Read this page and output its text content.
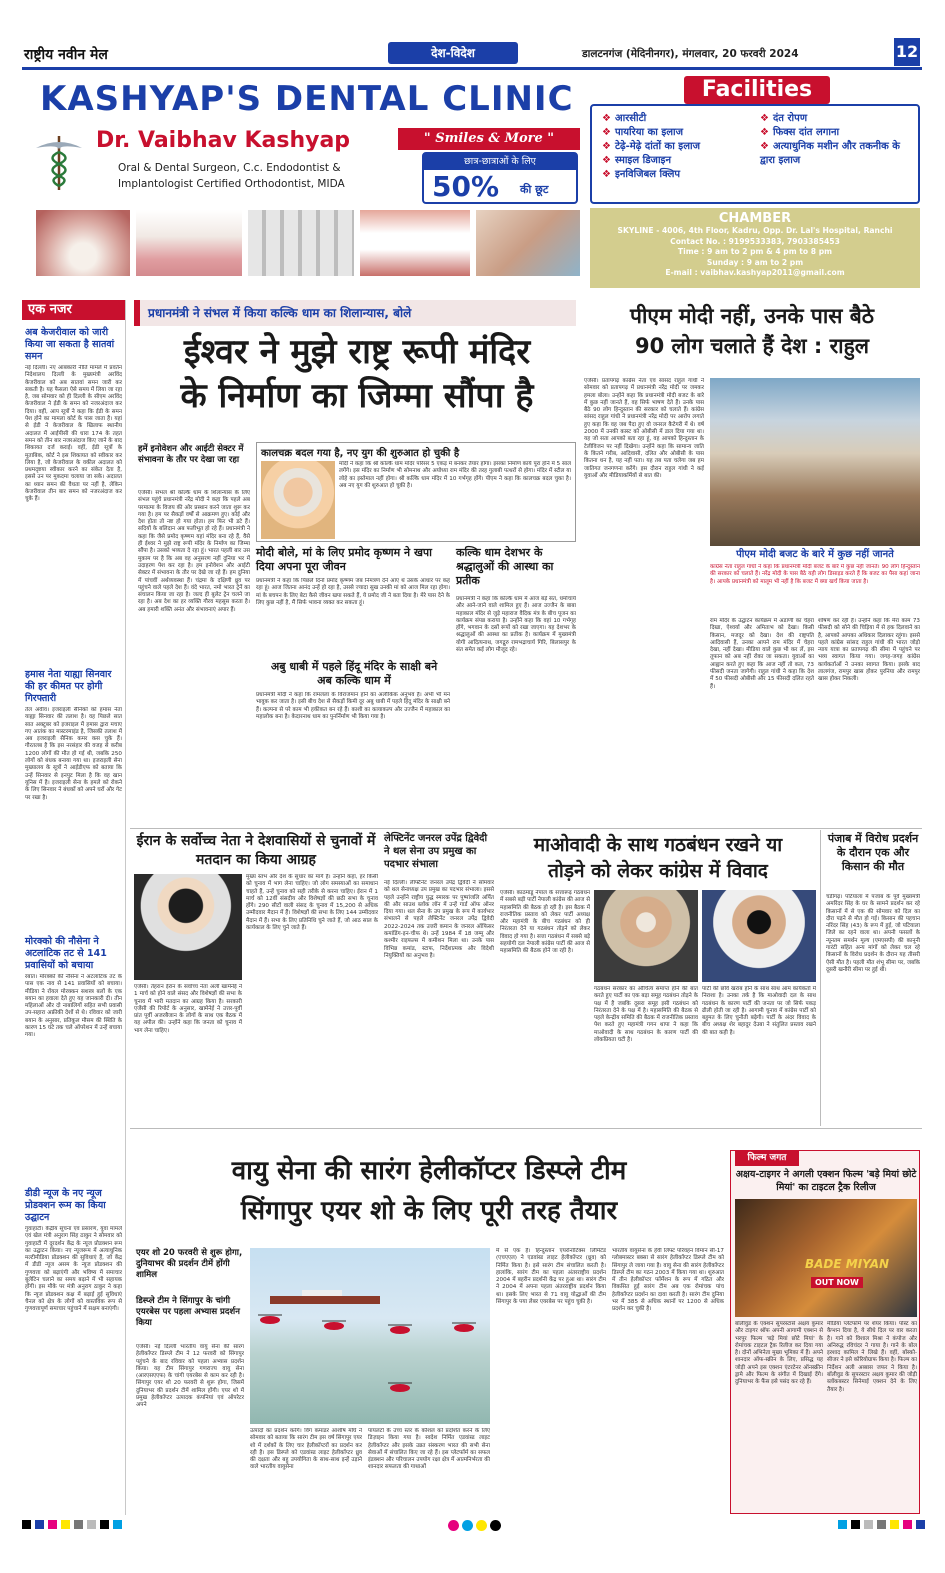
राष्ट्रीय नवीन मेल	देश-विदेश	डालटनगंज (मेदिनीनगर), मंगलवार, 20 फरवरी 2024	12
KASHYAP'S DENTAL CLINIC
Dr. Vaibhav Kashyap	" Smiles & More "
Oral & Dental Surgeon, C.c. Endodontist &
Implantologist Certified Orthodontist, MIDA
छात्र-छात्राओं के लिए
50% की छूट
Facilities
❖ आरसीटी
❖ पायरिया का इलाज
❖ टेढ़े-मेढ़े दांतों का इलाज
❖ स्माइल डिजाइन
❖ इनविजिबल क्लिप
❖ दंत रोपण
❖ फिक्स दांत लगाना
❖ अत्याधुनिक मशीन और तकनीक के द्वारा इलाज
CHAMBER
SKYLINE - 4006, 4th Floor, Kadru, Opp. Dr. Lal's Hospital, Ranchi
Contact No. : 9199533383, 7903385453
Time : 9 am to 2 pm & 4 pm to 8 pm
Sunday : 9 am to 2 pm
E-mail : vaibhav.kashyap2011@gmail.com
एक नजर
अब केजरीवाल को जारी किया जा सकता है सातवां समन
नई दिल्ली। नए आबकारी नीति मामले में प्रवर्तन निदेशालय दिल्ली के मुख्यमंत्री अरविंद केजरीवाल को अब सातवां समन जारी कर सकती है। यह फैसला ऐसे समय में लिया जा रहा है, जब सोमवार को ही दिल्ली के सीएम अरविंद केजरीवाल ने ईडी के समन को नजरअंदाज कर दिया। वहीं, आप सूत्रों ने कहा कि ईडी के समन पेश होने का मामला कोर्ट के पास जाता है। यहां से ईडी ने केजरीवाल के खिलाफ स्थानीय अदालत में आईपीसी की धारा 174 के तहत समन को तीन बार नजरअंदाज किए जाने के बाद शिकायत दर्ज कराई। वहीं, ईडी सूत्रों के मुताबिक, कोर्ट ने इस शिकायत को स्वीकार कर लिया है, जो केजरीवाल के वकील अदालत को प्रथमदृष्टया स्वीकार करने का संकेत देता है, इससे उन पर मुकदमा चलाया जा सके। अदालत का ध्यान समन की वैधता पर नहीं है, लेकिन केजरीवाल तीन बार समन को नजरअंदाज कर चुके हैं।
हमास नेता याह्या सिनवार की हर कीमत पर होगी गिरफ्तारी
तेल अवीव। इजराइली सैनिकों को हमास नेता याह्या सिनवार की तलाश है। वह पिछले सात सात अक्टूबर को इजराइल में हमास द्वारा मचाए गए आतंक का मास्टरमाइंड है, जिसकी तलाश में अब इजराइली सैनिक कमर कस चुके हैं। गौरतलब है कि इस नरसंहार की वजह से करीब 1200 लोगों की मौत हो गई थी, जबकि 250 लोगों को बंधक बनाया गया था। इजराइली सेना मुख्यालय के सूत्रों ने आईडीएफ को बताया कि उन्हें सिनवार से इनपुट मिला है कि वह खान यूनिस में है। इजराइली सेना के हमले को रोकने के लिए सिनवार ने बंधकों को अपने घरों और गेट पर रखा है।
मोरक्को की नौसेना ने अटलांटिक तट से 141 प्रवासियों को बचाया
रबात। मोरक्को की नौसेना ने अटलांटिक तट के पास एक नाव से 141 प्रवासियों को बचाया। मीडिया ने रॉयल मोरक्कन सशस्त्र बलों के एक बयान का हवाला देते हुए यह जानकारी दी। तीन महिलाओं और दो नाबालिगों सहित सभी प्रवासी उप-सहारा अफ्रीकी देशों से थे। रविवार को जारी बयान के अनुसार, प्रतिकूल मौसम की स्थिति के कारण 15 घंटे तक चले ऑपरेशन में उन्हें बचाया गया।
डीडी न्यूज के नए न्यूज प्रोडक्शन रूम का किया उद्घाटन
गुवाहाटी। केंद्रीय सूचना एवं प्रसारण, युवा मामले एवं खेल मंत्री अनुराग सिंह ठाकुर ने सोमवार को गुवाहाटी में दूरदर्शन केंद्र के न्यूज प्रोडक्शन रूम का उद्घाटन किया। नए न्यूजरूम में अत्याधुनिक मल्टीमीडिया प्रोडक्शन की सुविधाएं हैं, जो केंद्र में डीडी न्यूज असम के न्यूज प्रोडक्शन की गुणवत्ता को बढ़ाएंगी और भविष्य में समाचार बुलेटिन चलाने का समय बढ़ाने में भी सहायक होंगी। इस मौके पर मंत्री अनुराग ठाकुर ने कहा कि न्यूज प्रोडक्शन कक्ष में बढ़ाई हुई सुविधाएं चैनल को क्षेत्र के लोगों को वास्तविक रूप से गुणवत्तापूर्ण समाचार पहुंचाने में सक्षम बनाएंगी।
प्रधानमंत्री ने संभल में किया कल्कि धाम का शिलान्यास, बोले
ईश्वर ने मुझे राष्ट्र रूपी मंदिर
के निर्माण का जिम्मा सौंपा है
हमें इनोवेशन और आईटी सेक्टर में संभावना के तौर पर देखा जा रहा
एजेंसी। संभल श्री कल्कि धाम के शिलान्यास के लिए संभल पहुंचे प्रधानमंत्री नरेंद्र मोदी ने कहा कि पहले अब परमात्मा के विजय की ओर प्रस्थान करने जाता शुरू कर गया है। हम पर सैकड़ों वर्षों से आक्रमण हुए। कोई और देश होता तो नष्ट हो गया होता। हम फिर भी डटे हैं। सदियों के बलिदान अब फलीभूत हो रहे हैं। प्रधानमंत्री ने कहा कि जैसे प्रमोद कृष्णम यहां मंदिर बना रहे हैं, वैसे ही ईश्वर ने मुझे राष्ट्र रूपी मंदिर के निर्माण का जिम्मा सौंपा है। उसको भव्यता दे रहा हूं। भारत पहली बार उस मुकाम पर है कि अब वह अनुसरण नहीं दुनिया भर में उदाहरण पेश कर रहा है। हम इनोवेशन और आईटी सेक्टर में संभावना के तौर पर देखे जा रहे हैं। हम दुनिया में पांचवीं अर्थव्यवस्था हैं। चंद्रमा के दक्षिणी ध्रुव पर पहुंचने वाले पहले देश हैं। वंदे भारत, नमो भारत ट्रेनें का संचालन किया जा रहा है। जल्द ही बुलेट ट्रेन चलने जा रहा है। अब देश का हर व्यक्ति गौरव महसूस करता है। अब हमारी शक्ति अनंत और संभावनाएं अपार हैं।
कालचक्र बदल गया है, नए युग की शुरुआत हो चुकी है
मोदी ने कहा कि श्री कल्कि धाम मंदिर परिसर 5 एकड़ में बनकर तैयार होगा। इसका निर्माण कार्य पूरा होने में 5 साल लगेंगे। इस मंदिर का निर्माण भी सोमनाथ और अयोध्या राम मंदिर की तरह गुलाबी पत्थरों से होगा। मंदिर में स्टील या लोहे का इस्तेमाल नहीं होगा। श्री कल्कि धाम मंदिर में 10 गर्भगृह होंगे। पीएम ने कहा कि कालचक्र बदल चुका है। अब नए युग की शुरुआत हो चुकी है।
मोदी बोले, मां के लिए प्रमोद कृष्णम ने खपा दिया अपना पूरा जीवन
प्रधानमंत्री ने कहा कि पिछले दिनों प्रमोद कृष्णम जब निमंत्रण देने आए थे उसके आधार पर कह रहा हूं। आज जितना आनंद उन्हें हो रहा है, उससे ज्यादा सुख उनकी मां को आज मिल रहा होगा। मां के बचपन के लिए बेटा कैसे जीवन खपा सकते हैं, ये प्रमोद जी ने बता दिया है। मेरे पास देने के लिए कुछ नहीं है, मैं सिर्फ भावना व्यक्त कर सकता हूं।
अबु धाबी में पहले हिंदू मंदिर के साक्षी बने अब कल्कि धाम में
प्रधानमंत्री मोदी ने कहा कि रामलला के विराजमान होने का अलौकिक अनुभव है। अभी भी मन भावुक कर जाता है। इसी बीच देश से सैकड़ों किमी दूर अबु धाबी में पहले हिंदू मंदिर के साक्षी बने हैं। कल्पना से परे काम भी हकीकत बन रहे हैं। काशी का कायाकल्प और उज्जैन में महाकाल का महालोक बना है। केदारनाथ धाम का पुनर्निर्माण भी किया गया है।
कल्कि धाम देशभर के श्रद्धालुओं की आस्था का प्रतीक
प्रधानमंत्री ने कहा कि कल्कि धाम में आज बड़ें संत, धर्माचार्य और आने-जाने वाले शामिल हुए हैं। आज उज्जैन के बाबा महाकाल मंदिर से जुड़े महाराज वैदिक मंत्र के बीच पूजन का कार्यक्रम संपन्न कराया है। उन्होंने कहा कि वहां 10 गर्भगृह होंगे, भगवान के दसों रूपों को रखा जाएगा। यह देशभर के श्रद्धालुओं की आस्था का प्रतीक है। कार्यक्रम में मुख्यमंत्री योगी आदित्यनाथ, जगद्गुरु रामभद्राचार्य गिरि, बिलासपुर के संत समेत कई लोग मौजूद रहे।
पीएम मोदी नहीं, उनके पास बैठे
90 लोग चलाते हैं देश : राहुल
एजेंसी। प्रतापगढ़ कांग्रेस नेता एवं सांसद राहुल गांधी ने सोमवार को प्रतापगढ़ में प्रधानमंत्री नरेंद्र मोदी पर जमकर हमला बोला। उन्होंने कहा कि प्रधानमंत्री मोदी बजट के बारे में कुछ नहीं जानते हैं, वह सिर्फ भाषण देते हैं। उनके पास बैठे 90 लोग हिन्दुस्तान की सरकार को चलाते हैं। कांग्रेस सांसद राहुल गांधी ने प्रधानमंत्री नरेंद्र मोदी पर आरोप लगाते हुए कहा कि वह जब पैदा हुए वो जनरल कैटेगरी में थे। वर्ष 2000 में उनकी कास्ट को ओबीसी में डाल दिया गया था। यह जो सता आपको बता रहा हूं, वह आपको हिन्दुस्तान के टेलीविजन पर नहीं दिखेगा। उन्होंने कहा कि सामान्य जाति के कितने गरीब, आदिवासी, दलित और ओबीसी के पास कितना धन है, यह नहीं पता। यह तब पता चलेगा जब हम जातिगत जनगणना करेंगे। इस दौरान राहुल गांधी ने कई युवाओं और मीडियाकर्मियों से बात की।
पीएम मोदी बजट के बारे में कुछ नहीं जानते
कांग्रेस नेता राहुल गांधी ने कहा कि प्रधानमंत्री मोदी बजट के बारे में कुछ नहीं जानते। 90 लोग हिन्दुस्तान की सरकार को चलाते हैं। नरेंद्र मोदी के पास बैठे यही लोग डिसाइड करते हैं कि बजट का पैसा कहां जाना है। आपके प्रधानमंत्री को मालूम भी नहीं है कि बजट में क्या खर्च किया जाता है।
राम मंदिर के उद्घाटन कार्यक्रम में अडाणी का चेहरा दिखा, ऐश्वर्या और अमिताभ को देखा। किसी किसान, मजदूर को देखा। देश की राष्ट्रपति आदिवासी हैं, उनका आपने राम मंदिर में चेहरा देखा, नहीं देखा। मीडिया वाले कुछ भी कर लें, इस तूफान को अब नहीं रोका जा सकता। युवाओं का आह्वान करते हुए कहा कि आज नहीं तो कल, 73 फीसदी जनता जागेगी। राहुल गांधी ने कहा कि देश में 50 फीसदी ओबीसी और 15 फीसदी दलित रहते हैं।
शोषण कर रही हैं। उन्होंने कहा कि मेरा काम 73 फीसदी को सोने की चिड़िया में से हक दिलवाने का है, आपको आपका अधिकार दिलाकर रहूंगा। इससे पहले कांग्रेस सांसद राहुल गांधी की भारत जोड़ो न्याय यात्रा का प्रतापगढ़ की सीमा में पहुंचने पर भव्य स्वागत किया गया। जगह-जगह कांग्रेस कार्यकर्ताओं ने उनका स्वागत किया। इसके बाद लालगंज, रामपुर खास होकर पुरनिया और रामपुर खास होकर निकली।
ईरान के सर्वोच्च नेता ने देशवासियों से चुनावों में मतदान का किया आग्रह
एजेंसी। तेहरान ईरान के सर्वोच्च नेता अली खामेनेई ने 1 मार्च को होने वाले संसद और विशेषज्ञों की सभा के चुनाव में भारी मतदान का आग्रह किया है। सरकारी एजेंसी की रिपोर्ट के अनुसार, खामेनेई ने उत्तर-पूर्वी प्रांत पूर्वी अजरबैजान के लोगों के साथ एक बैठक में यह अपील की। उन्होंने कहा कि जनता को चुनाव में भाग लेना चाहिए।
मुख्य स्तंभ और देश के सुधार का मार्ग है। उन्होंने कहा, हर किसी को चुनाव में भाग लेना चाहिए। जो लोग समस्याओं का समाधान चाहते हैं, उन्हें चुनाव को सही तरीके से करना चाहिए। ईरान में 1 मार्च को 12वीं संसदीय और विशेषज्ञों की छठी सभा के चुनाव होंगे। 290 सीटों वाली संसद के चुनाव में 15,200 से अधिक उम्मीदवार मैदान में हैं। विशेषज्ञों की सभा के लिए 144 उम्मीदवार मैदान में हैं। सभा के लिए प्रतिनिधि चुने जाते हैं, जो आठ साल के कार्यकाल के लिए चुने जाते हैं।
लेफ्टिनेंट जनरल उपेंद्र द्विवेदी ने थल सेना उप प्रमुख का पदभार संभाला
नई दिल्ली। लेफ्टिनेंट जनरल उपेंद्र द्विवेदी ने सोमवार को थल सेनाध्यक्ष उप प्रमुख का पदभार संभाला। इससे पहले उन्होंने राष्ट्रीय युद्ध स्मारक पर पुष्पांजलि अर्पित की और साउथ ब्लॉक लॉन में उन्हें गार्ड ऑफ ऑनर दिया गया। थल सेना के उप प्रमुख के रूप में कार्यभार संभालने से पहले लेफ्टिनेंट जनरल उपेंद्र द्विवेदी 2022-2024 तक उत्तरी कमान के जनरल ऑफिसर कमांडिंग-इन-चीफ थे। उन्हें 1984 में 18 जम्मू और कश्मीर राइफल्स में कमीशन मिला था। उनके पास विभिन्न कमांड, स्टाफ, निर्देशात्मक और विदेशी नियुक्तियों का अनुभव है।
माओवादी के साथ गठबंधन रखने या
तोड़ने को लेकर कांग्रेस में विवाद
एजेंसी। काठमांडू नेपाल के सत्तारूढ़ गठबंधन में सबसे बड़ी पार्टी नेपाली कांग्रेस की आज से महासमिति की बैठक हो रही है। इस बैठक में राजनीतिक प्रस्ताव को लेकर पार्टी अध्यक्ष और महामंत्री के बीच गठबंधन को ही निरंतरता देने या गठबंधन तोड़ने को लेकर विवाद हो गया है। सत्ता गठबंधन में सबसे बड़े सहयोगी दल नेपाली कांग्रेस पार्टी की आज से महासमिति की बैठक होने जा रही है।
गठबंधन सरकार का औचित्य समाप्त होने की बात करते हुए पार्टी का एक बड़ा समूह गठबंधन तोड़ने के पक्ष में है जबकि दूसरा समूह इसी गठबंधन को निरंतरता देने के पक्ष में है। महासमिति की बैठक से पहले केन्द्रीय समिति की बैठक में राजनीतिक प्रस्ताव पेश करते हुए महामंत्री गगन थापा ने कहा कि माओवादी के साथ गठबंधन के कारण पार्टी की लोकप्रियता घटी है।
पार्टी की छवि खराब होने के साथ साथ आम कार्यकर्ता में निराशा है। उनका तर्क है कि माओवादी दल के साथ गठबंधन के कारण पार्टी की जनता पर जो सिर्फ पकड़ ढीली होती जा रही है। आगामी चुनाव में कांग्रेस पार्टी को बहुमत के लिए चुनौती बढ़ेगी। पार्टी के अंदर विवाद के बीच अध्यक्ष शेर बहादुर देउबा ने संतुलित प्रस्ताव रखने की बात कही है।
पंजाब में विरोध प्रदर्शन के दौरान एक और किसान की मौत
चंडीगढ़। पटियाला में पंजाब के पूर्व मुख्यमंत्री अमरिंदर सिंह के घर के सामने प्रदर्शन कर रहे किसानों में से एक की सोमवार को दिल का दौरा पड़ने से मौत हो गई। किसान की पहचान नरिंदर सिंह (43) के रूप में हुई, जो पटियाला जिले का रहने वाला था। अपनी फसलों के न्यूनतम समर्थन मूल्य (एमएसपी) की कानूनी गारंटी सहित अन्य मांगों को लेकर चल रहे किसानों के विरोध प्रदर्शन के दौरान यह तीसरी ऐसी मौत है। पहली मौत शंभू सीमा पर, जबकि दूसरी खनौरी सीमा पर हुई थी।
वायु सेना की सारंग हेलीकॉप्टर डिस्प्ले टीम
सिंगापुर एयर शो के लिए पूरी तरह तैयार
एयर शो 20 फरवरी से शुरू होगा, दुनियाभर की प्रदर्शन टीमें होंगी शामिल
डिस्प्ले टीम ने सिंगापुर के चांगी एयरबेस पर पहला अभ्यास प्रदर्शन किया
एजेंसी। नई दिल्ली भारतीय वायु सेना की सारंग हेलीकॉप्टर डिस्प्ले टीम ने 12 फरवरी को सिंगापुर पहुंचने के बाद रविवार को पहला अभ्यास प्रदर्शन किया। यह टीम सिंगापुर गणराज्य वायु सेना (आरएसएएफ) के चांगी एयरबेस से काम कर रही है। सिंगापुर एयर शो 20 फरवरी से शुरू होगा, जिसमें दुनियाभर की प्रदर्शन टीमें शामिल होंगी। एयर शो में प्रमुख हेलीकॉप्टर उत्पादक कंपनियां एवं ऑपरेटर अपने
उत्पादों का प्रदर्शन करेंगे। विंग कमांडर आशीष मोघे ने सोमवार को बताया कि सारंग टीम इस वर्ष सिंगापुर एयर शो में दर्शकों के लिए चार हेलीकॉप्टरों का प्रदर्शन कर रही है। इस डिस्प्ले को एडवांस्ड लाइट हेलीकॉप्टर ध्रुव की दक्षता और बहु उपयोगिता के साथ-साथ इन्हें उड़ाने वाले भारतीय वायुसेना
पायलटों के उच्च स्तर के कौशल को प्रदर्शित करने के लिए डिज़ाइन किया गया है। स्वदेश निर्मित एडवांस्ड लाइट हेलीकॉप्टर और इसके उन्नत संस्करण भारत की सभी सेना सेवाओं में संचालित किए जा रहे हैं। इस प्लेटफॉर्म का सफल इंडक्शन और परिचालन उपयोग रक्षा क्षेत्र में आत्मनिर्भरता की शानदार सफलता की गाथाओं
में से एक है। हिन्दुस्तान एयरोनॉटिक्स लिमिटेड (एचएएल) ने एडवांस्ड लाइट हेलीकॉप्टर (ध्रुव) को निर्मित किया है। इसे सारंग टीम संचालित करती है। हालांकि, सारंग टीम का पहला अंतरराष्ट्रीय प्रदर्शन 2004 में बहरीन प्रदर्शनी केंद्र पर हुआ था। सारंग टीम ने 2004 में अपना पहला अंतरराष्ट्रीय प्रदर्शन किया था। इसके लिए भारत से 71 वायु योद्धाओं की टीम सिंगापुर के पया लेबर एयरबेस पर पहुंच चुकी है।
भारतीय वायुसेना के हेवी लिफ्ट परिवहन विमान सी-17 ग्लोबमास्टर बक्सा से सारंग हेलीकॉप्टर डिस्प्ले टीम को सिंगापुर ले जाया गया है। वायु सेना की सारंग हेलीकॉप्टर डिस्प्ले टीम का गठन 2003 में किया गया था। शुरुआत में तीन हेलीकॉप्टर फॉर्मेशन के रूप में गठित और विकसित हुई सारंग टीम अब एक रोमांचक पांच हेलीकॉप्टर प्रदर्शन का दावा करती है। सारंग टीम दुनिया भर में 385 से अधिक स्थानों पर 1200 से अधिक प्रदर्शन कर चुकी है।
फिल्म जगत
अक्षय-टाइगर ने अगली एक्शन फिल्म 'बड़े मियां छोटे मियां' का टाइटल ट्रैक रिलीज
BADE MIYAN
OUT NOW
बॉलीवुड के एक्शन सुपरस्टार्स अक्षय कुमार और टाइगर श्रॉफ अपनी आगामी एक्शन से भरपूर फिल्म 'बड़े मियां छोटे मियां' के रोमांचक टाइटल ट्रैक रिलीज कर दिया गया है। दोनों अभिनेता मुख्य भूमिका में हैं। अपने शानदार ऑफ-स्क्रीन के लिए, प्रसिद्ध यह जोड़ी अपने इस एक्शन एंटरटेनर ऑनस्क्रीन ड्रामे और फिल्म के संगीत में दिखाई देंगे। दुनियाभर के फैंस इसे पसंद कर रहे हैं।
मीडिया प्लेटफॉर्म पर शेयर किया। पोस्ट का कैप्शन दिया है, ये सीधे दिल पर वार करता है। गाने को विशाल मिश्रा ने कंपोज और अनिरुद्ध रविचंदर ने गाया है। गाने के बोल इरशाद कामिल ने लिखे हैं। वहीं, बॉस्को-सीजर ने इसे कोरियोग्राफ किया है। फिल्म का निर्देशन अली अब्बास जफर ने किया है। बॉलीवुड के सुपरस्टार अक्षय कुमार की जोड़ी ब्लॉकबस्टर सिनेमाई एक्शन देने के लिए तैयार है।
